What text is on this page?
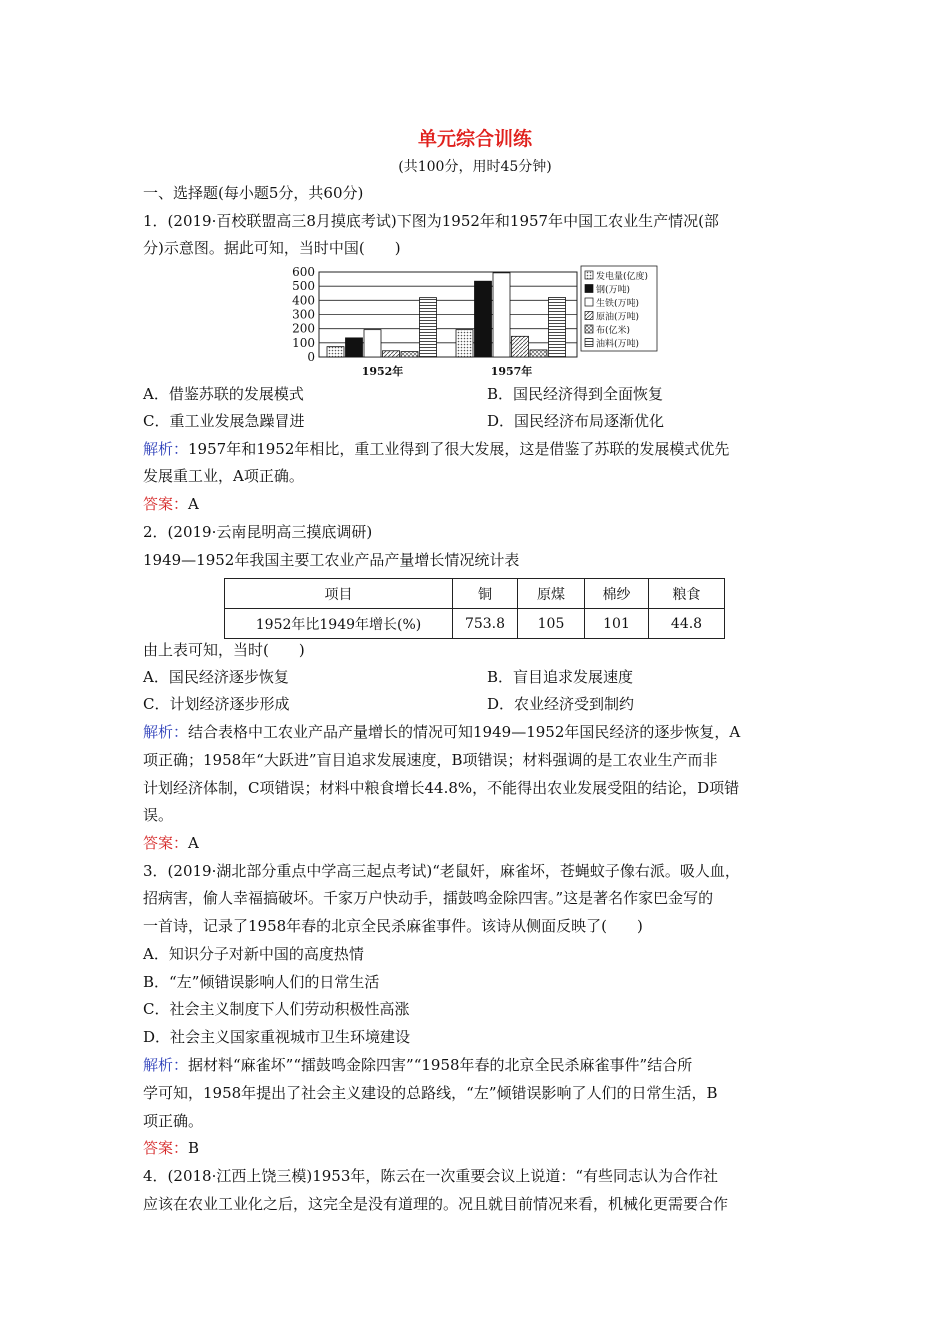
单元综合训练
(共100分，用时45分钟)
一、选择题(每小题5分，共60分)
1．(2019·百校联盟高三8月摸底考试)下图为1952年和1957年中国工农业生产情况(部
分)示意图。据此可知，当时中国(　　)
600
500
400
300
200
100
0
1952年	1957年
发电量(亿度)
钢(万吨)
生铁(万吨)
原油(万吨)
布(亿米)
油料(万吨)
A．借鉴苏联的发展模式	B．国民经济得到全面恢复
C．重工业发展急躁冒进	D．国民经济布局逐渐优化
解析：1957年和1952年相比，重工业得到了很大发展，这是借鉴了苏联的发展模式优先
发展重工业，A项正确。
答案：A
2．(2019·云南昆明高三摸底调研)
1949—1952年我国主要工农业产品产量增长情况统计表
项目	铜	原煤	棉纱	粮食
1952年比1949年增长(%)	753.8	105	101	44.8
由上表可知，当时(　　)
A．国民经济逐步恢复	B．盲目追求发展速度
C．计划经济逐步形成	D．农业经济受到制约
解析：结合表格中工农业产品产量增长的情况可知1949—1952年国民经济的逐步恢复，A
项正确；1958年“大跃进”盲目追求发展速度，B项错误；材料强调的是工农业生产而非
计划经济体制，C项错误；材料中粮食增长44.8%，不能得出农业发展受阻的结论，D项错
误。
答案：A
3．(2019·湖北部分重点中学高三起点考试)“老鼠奸，麻雀坏，苍蝇蚊子像右派。吸人血，
招病害，偷人幸福搞破坏。千家万户快动手，擂鼓鸣金除四害。”这是著名作家巴金写的
一首诗，记录了1958年春的北京全民杀麻雀事件。该诗从侧面反映了(　　)
A．知识分子对新中国的高度热情
B．“左”倾错误影响人们的日常生活
C．社会主义制度下人们劳动积极性高涨
D．社会主义国家重视城市卫生环境建设
解析：据材料“麻雀坏”“擂鼓鸣金除四害”“1958年春的北京全民杀麻雀事件”结合所
学可知，1958年提出了社会主义建设的总路线，“左”倾错误影响了人们的日常生活，B
项正确。
答案：B
4．(2018·江西上饶三模)1953年，陈云在一次重要会议上说道：“有些同志认为合作社
应该在农业工业化之后，这完全是没有道理的。况且就目前情况来看，机械化更需要合作
